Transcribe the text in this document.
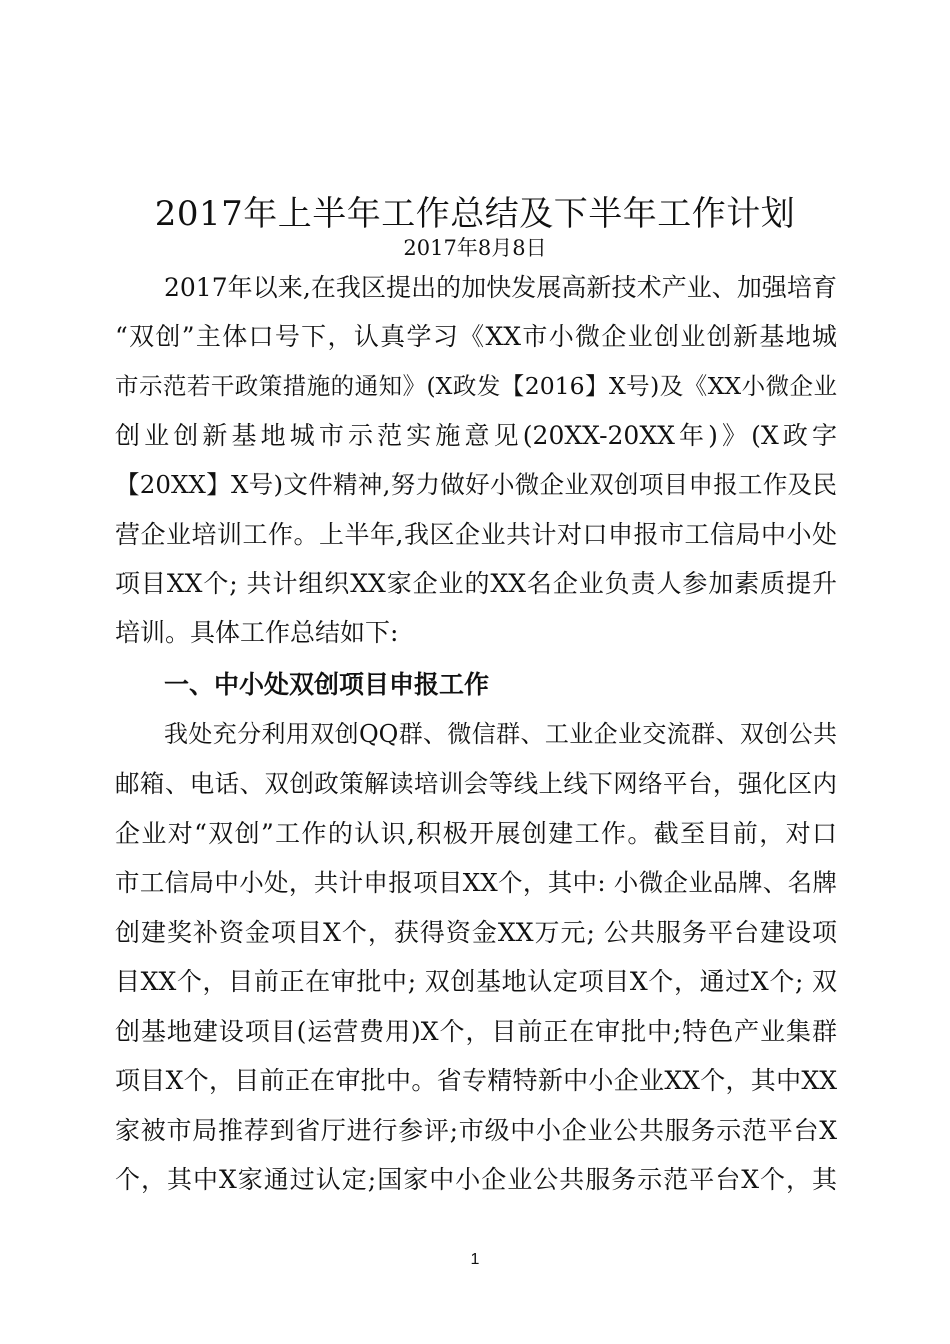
2017年上半年工作总结及下半年工作计划
2017年8月8日
2017年以来,在我区提出的加快发展高新技术产业、加强培育
“双创”主体口号下，认真学习《XX市小微企业创业创新基地城
市示范若干政策措施的通知》(X政发【2016】X号)及《XX小微企业
创业创新基地城市示范实施意见(20XX-20XX年)》(X政字
【20XX】X号)文件精神,努力做好小微企业双创项目申报工作及民
营企业培训工作。上半年,我区企业共计对口申报市工信局中小处
项目XX个; 共计组织XX家企业的XX名企业负责人参加素质提升
培训。具体工作总结如下:
一、中小处双创项目申报工作
我处充分利用双创QQ群、微信群、工业企业交流群、双创公共
邮箱、电话、双创政策解读培训会等线上线下网络平台，强化区内
企业对“双创”工作的认识,积极开展创建工作。截至目前，对口
市工信局中小处，共计申报项目XX个，其中: 小微企业品牌、名牌
创建奖补资金项目X个，获得资金XX万元; 公共服务平台建设项
目XX个，目前正在审批中; 双创基地认定项目X个，通过X个; 双
创基地建设项目(运营费用)X个，目前正在审批中;特色产业集群
项目X个，目前正在审批中。省专精特新中小企业XX个，其中XX
家被市局推荐到省厅进行参评;市级中小企业公共服务示范平台X
个，其中X家通过认定;国家中小企业公共服务示范平台X个，其
1
